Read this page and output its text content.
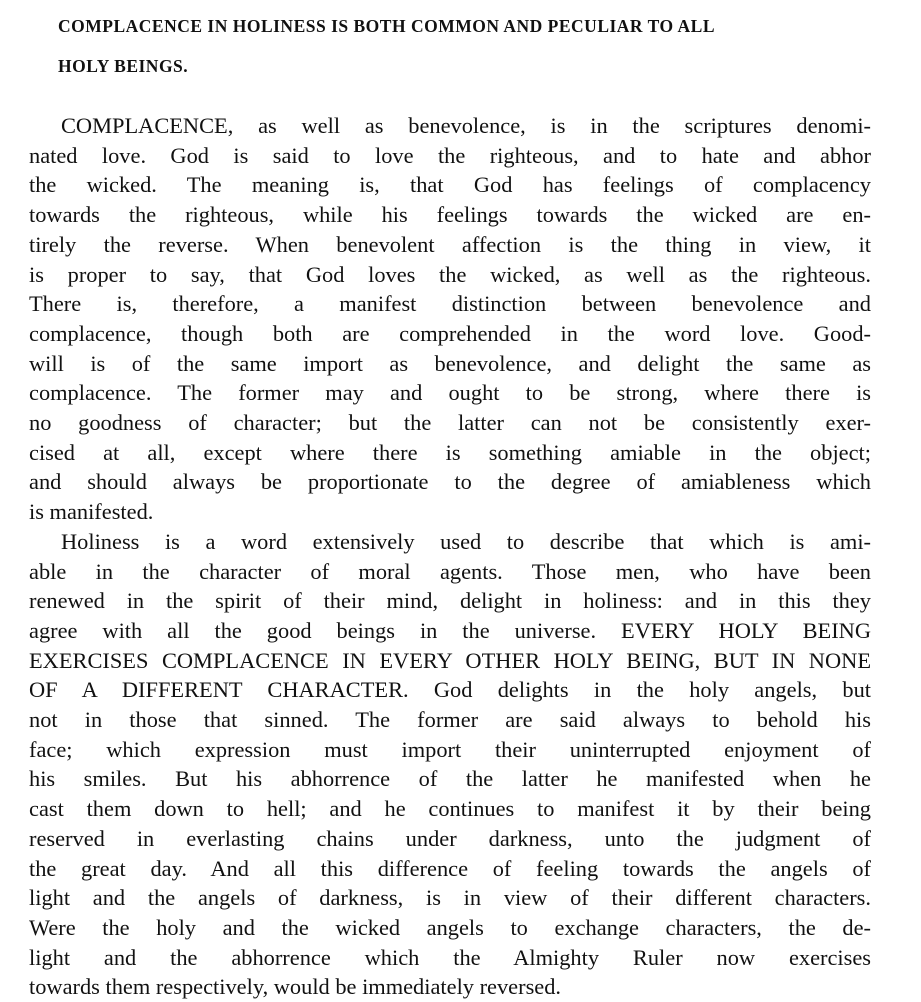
COMPLACENCE IN HOLINESS IS BOTH COMMON AND PECULIAR TO ALL
HOLY BEINGS.
COMPLACENCE, as well as benevolence, is in the scriptures denomi-
nated love. God is said to love the righteous, and to hate and abhor
the wicked. The meaning is, that God has feelings of complacency
towards the righteous, while his feelings towards the wicked are en-
tirely the reverse. When benevolent affection is the thing in view, it
is proper to say, that God loves the wicked, as well as the righteous.
There is, therefore, a manifest distinction between benevolence and
complacence, though both are comprehended in the word love. Good-
will is of the same import as benevolence, and delight the same as
complacence. The former may and ought to be strong, where there is
no goodness of character; but the latter can not be consistently exer-
cised at all, except where there is something amiable in the object;
and should always be proportionate to the degree of amiableness which
is manifested.
Holiness is a word extensively used to describe that which is ami-
able in the character of moral agents. Those men, who have been
renewed in the spirit of their mind, delight in holiness: and in this they
agree with all the good beings in the universe. EVERY HOLY BEING
EXERCISES COMPLACENCE IN EVERY OTHER HOLY BEING, BUT IN NONE
OF A DIFFERENT CHARACTER. God delights in the holy angels, but
not in those that sinned. The former are said always to behold his
face; which expression must import their uninterrupted enjoyment of
his smiles. But his abhorrence of the latter he manifested when he
cast them down to hell; and he continues to manifest it by their being
reserved in everlasting chains under darkness, unto the judgment of
the great day. And all this difference of feeling towards the angels of
light and the angels of darkness, is in view of their different characters.
Were the holy and the wicked angels to exchange characters, the de-
light and the abhorrence which the Almighty Ruler now exercises
towards them respectively, would be immediately reversed.
